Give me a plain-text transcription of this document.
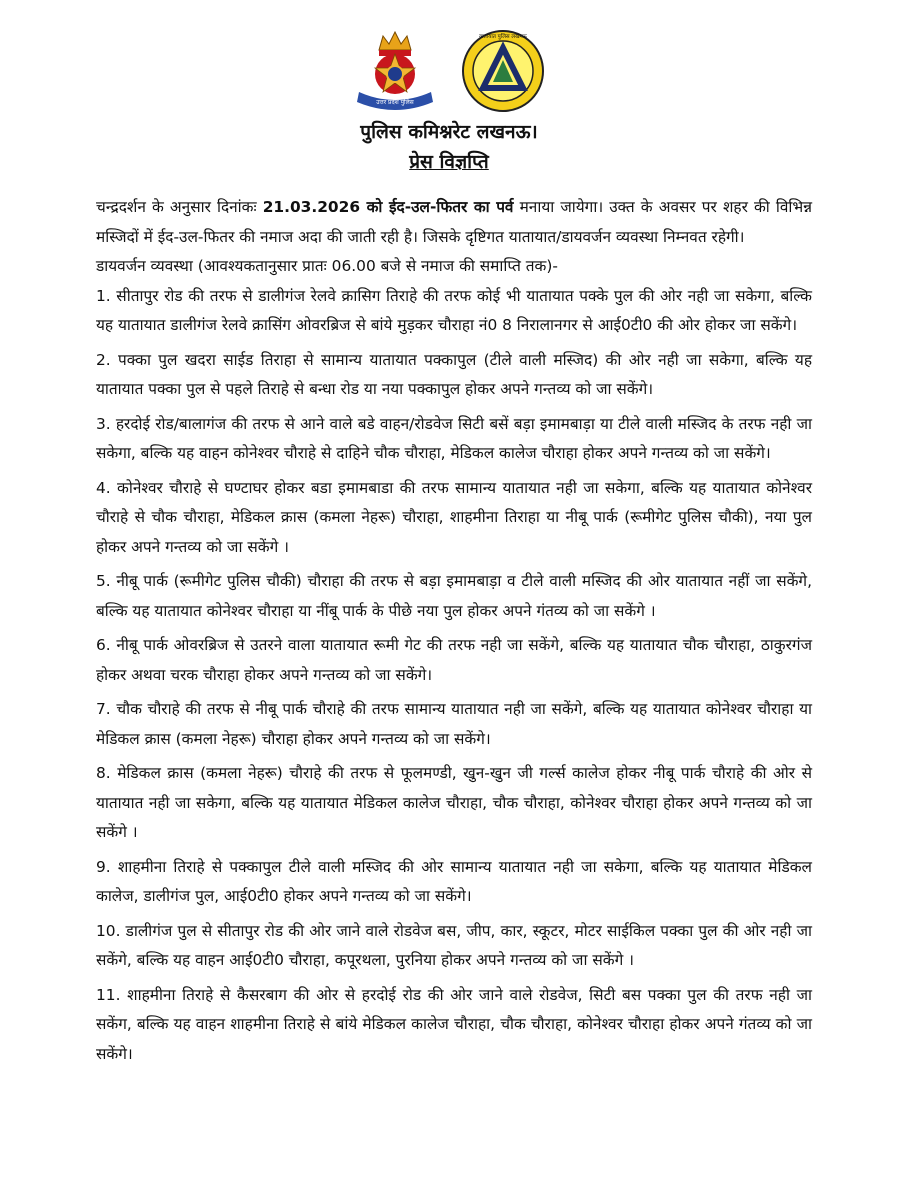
उत्तर प्रदेश पुलिस
यातायात पुलिस लखनऊ
पुलिस कमिश्नरेट लखनऊ।
प्रेस विज्ञप्ति

चन्द्रदर्शन के अनुसार दिनांकः 21.03.2026 को ईद-उल-फितर का पर्व मनाया जायेगा। उक्त के अवसर पर शहर की विभिन्न मस्जिदों में ईद-उल-फितर की नमाज अदा की जाती रही है। जिसके दृष्टिगत यातायात/डायवर्जन व्यवस्था निम्नवत रहेगी।

डायवर्जन व्यवस्था (आवश्यकतानुसार प्रातः 06.00 बजे से नमाज की समाप्ति तक)-

1. सीतापुर रोड की तरफ से डालीगंज रेलवे क्रासिग तिराहे की तरफ कोई भी यातायात पक्के पुल की ओर नही जा सकेगा, बल्कि यह यातायात डालीगंज रेलवे क्रासिंग ओवरब्रिज से बांये मुड़कर चौराहा नं0 8 निरालानगर से आई0टी0 की ओर होकर जा सकेंगे।

2. पक्का पुल खदरा साईड तिराहा से सामान्य यातायात पक्कापुल (टीले वाली मस्जिद) की ओर नही जा सकेगा, बल्कि यह यातायात पक्का पुल से पहले तिराहे से बन्धा रोड या नया पक्कापुल होकर अपने गन्तव्य को जा सकेंगे।

3. हरदोई रोड/बालागंज की तरफ से आने वाले बडे वाहन/रोडवेज सिटी बसें बड़ा इमामबाड़ा या टीले वाली मस्जिद के तरफ नही जा सकेगा, बल्कि यह वाहन कोनेश्वर चौराहे से दाहिने चौक चौराहा, मेडिकल कालेज चौराहा होकर अपने गन्तव्य को जा सकेंगे।

4. कोनेश्वर चौराहे से घण्टाघर होकर बडा इमामबाडा की तरफ सामान्य यातायात नही जा सकेगा, बल्कि यह यातायात कोनेश्वर चौराहे से चौक चौराहा, मेडिकल क्रास (कमला नेहरू) चौराहा, शाहमीना तिराहा या नीबू पार्क (रूमीगेट पुलिस चौकी), नया पुल होकर अपने गन्तव्य को जा सकेंगे ।

5. नीबू पार्क (रूमीगेट पुलिस चौकी) चौराहा की तरफ से बड़ा इमामबाड़ा व टीले वाली मस्जिद की ओर यातायात नहीं जा सकेंगे, बल्कि यह यातायात कोनेश्वर चौराहा या नींबू पार्क के पीछे नया पुल होकर अपने गंतव्य को जा सकेंगे ।

6. नीबू पार्क ओवरब्रिज से उतरने वाला यातायात रूमी गेट की तरफ नही जा सकेंगे, बल्कि यह यातायात चौक चौराहा, ठाकुरगंज होकर अथवा चरक चौराहा होकर अपने गन्तव्य को जा सकेंगे।

7. चौक चौराहे की तरफ से नीबू पार्क चौराहे की तरफ सामान्य यातायात नही जा सकेंगे, बल्कि यह यातायात कोनेश्वर चौराहा या मेडिकल क्रास (कमला नेहरू) चौराहा होकर अपने गन्तव्य को जा सकेंगे।

8. मेडिकल क्रास (कमला नेहरू) चौराहे की तरफ से फूलमण्डी, खुन-खुन जी गर्ल्स कालेज होकर नीबू पार्क चौराहे की ओर से यातायात नही जा सकेगा, बल्कि यह यातायात मेडिकल कालेज चौराहा, चौक चौराहा, कोनेश्वर चौराहा होकर अपने गन्तव्य को जा सकेंगे ।

9. शाहमीना तिराहे से पक्कापुल टीले वाली मस्जिद की ओर सामान्य यातायात नही जा सकेगा, बल्कि यह यातायात मेडिकल कालेज, डालीगंज पुल, आई0टी0 होकर अपने गन्तव्य को जा सकेंगे।

10. डालीगंज पुल से सीतापुर रोड की ओर जाने वाले रोडवेज बस, जीप, कार, स्कूटर, मोटर साईकिल पक्का पुल की ओर नही जा सकेंगे, बल्कि यह वाहन आई0टी0 चौराहा, कपूरथला, पुरनिया होकर अपने गन्तव्य को जा सकेंगे ।

11. शाहमीना तिराहे से कैसरबाग की ओर से हरदोई रोड की ओर जाने वाले रोडवेज, सिटी बस पक्का पुल की तरफ नही जा सकेंग, बल्कि यह वाहन शाहमीना तिराहे से बांये मेडिकल कालेज चौराहा, चौक चौराहा, कोनेश्वर चौराहा होकर अपने गंतव्य को जा सकेंगे।
